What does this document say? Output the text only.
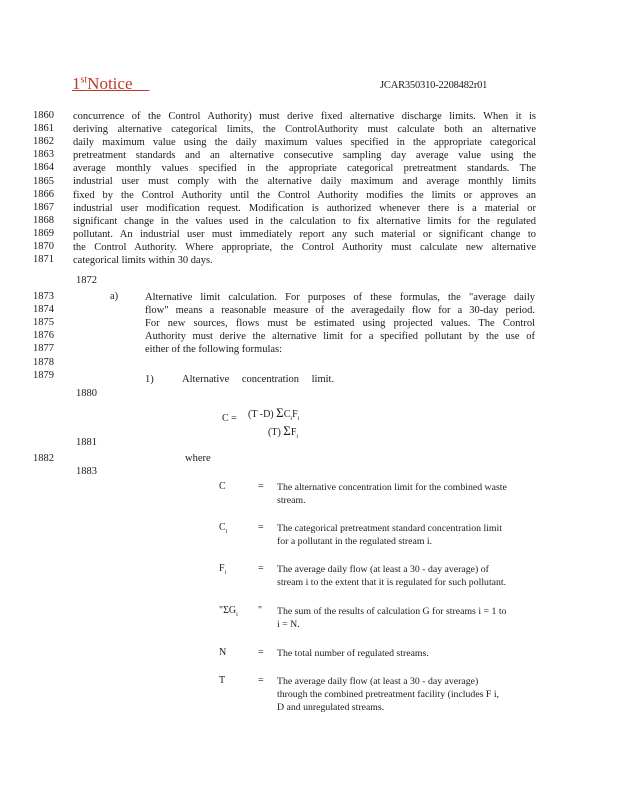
1stNotice	JCAR350310-2208482r01
1860
1861
1862
1863
1864
1865
1866
1867
1868
1869
1870
1871
concurrence of the Control Authority) must derive fixed alternative discharge limits. When it is
deriving alternative categorical limits, the ControlAuthority must calculate both an alternative
daily maximum value using the daily maximum values specified in the appropriate categorical
pretreatment standards and an alternative consecutive sampling day average value using the
average monthly values specified in the appropriate categorical pretreatment standards. The
industrial user must comply with the alternative daily maximum and average monthly limits
fixed by the Control Authority until the Control Authority modifies the limits or approves an
industrial user modification request. Modification is authorized whenever there is a material or
significant change in the values used in the calculation to fix alternative limits for the regulated
pollutant. An industrial user must immediately report any such material or significant change to
the Control Authority. Where appropriate, the Control Authority must calculate new alternative
categorical limits within 30 days.
1872
1873
1874
1875
1876
1877
1878
1879
a)	Alternative limit calculation. For purposes of these formulas, the "average daily
flow" means a reasonable measure of the averagedaily flow for a 30-day period.
For new sources, flows must be estimated using projected values. The Control
Authority must derive the alternative limit for a specified pollutant by the use of
either of the following formulas:
1)	Alternative concentration limit.
1880
C = (T -D) $\Sigma C_iF_i$
(T) $\Sigma F_i$
1881
1882	where
1883
C	= The alternative concentration limit for the combined waste stream.
$C_i$	= The categorical pretreatment standard concentration limit for a pollutant in the regulated stream i.
$F_i$	= The average daily flow (at least a 30 - day average) of stream i to the extent that it is regulated for such pollutant.
"$\Sigma G_i$ " The sum of the results of calculation G for streams i = 1 to i = N.
N	= The total number of regulated streams.
T	= The average daily flow (at least a 30 - day average) through the combined pretreatment facility (includes F i, D and unregulated streams.
